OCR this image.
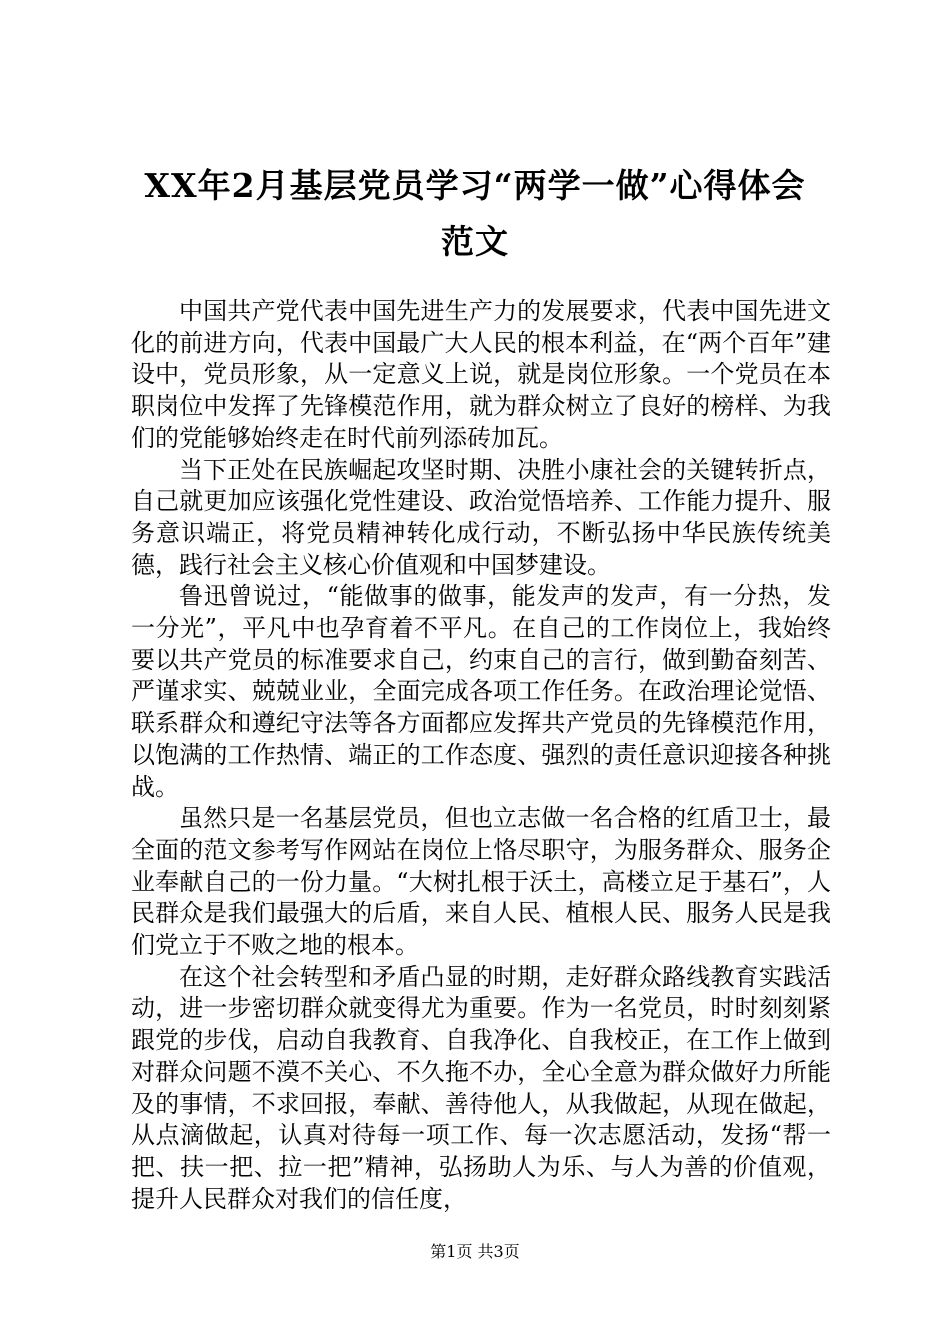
XX年2月基层党员学习“两学一做”心得体会
范文

中国共产党代表中国先进生产力的发展要求，代表中国先进文化的前进方向，代表中国最广大人民的根本利益，在“两个百年”建设中，党员形象，从一定意义上说，就是岗位形象。一个党员在本职岗位中发挥了先锋模范作用，就为群众树立了良好的榜样、为我们的党能够始终走在时代前列添砖加瓦。

当下正处在民族崛起攻坚时期、决胜小康社会的关键转折点，自己就更加应该强化党性建设、政治觉悟培养、工作能力提升、服务意识端正，将党员精神转化成行动，不断弘扬中华民族传统美德，践行社会主义核心价值观和中国梦建设。

鲁迅曾说过，“能做事的做事，能发声的发声，有一分热，发一分光”，平凡中也孕育着不平凡。在自己的工作岗位上，我始终要以共产党员的标准要求自己，约束自己的言行，做到勤奋刻苦、严谨求实、兢兢业业，全面完成各项工作任务。在政治理论觉悟、联系群众和遵纪守法等各方面都应发挥共产党员的先锋模范作用，以饱满的工作热情、端正的工作态度、强烈的责任意识迎接各种挑战。

虽然只是一名基层党员，但也立志做一名合格的红盾卫士，最全面的范文参考写作网站在岗位上恪尽职守，为服务群众、服务企业奉献自己的一份力量。“大树扎根于沃土，高楼立足于基石”，人民群众是我们最强大的后盾，来自人民、植根人民、服务人民是我们党立于不败之地的根本。

在这个社会转型和矛盾凸显的时期，走好群众路线教育实践活动，进一步密切群众就变得尤为重要。作为一名党员，时时刻刻紧跟党的步伐，启动自我教育、自我净化、自我校正，在工作上做到对群众问题不漠不关心、不久拖不办，全心全意为群众做好力所能及的事情，不求回报，奉献、善待他人，从我做起，从现在做起，从点滴做起，认真对待每一项工作、每一次志愿活动，发扬“帮一把、扶一把、拉一把”精神，弘扬助人为乐、与人为善的价值观，提升人民群众对我们的信任度，

第1页 共3页
